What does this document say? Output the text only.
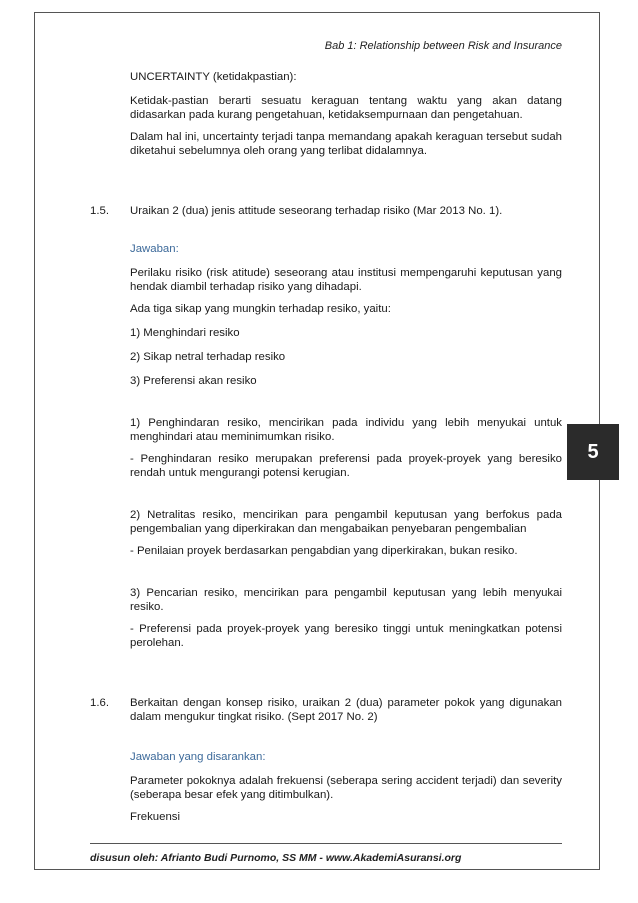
Bab 1: Relationship between Risk and Insurance
5

UNCERTAINTY (ketidakpastian):

Ketidak-pastian berarti sesuatu keraguan tentang waktu yang akan datang didasarkan pada kurang pengetahuan, ketidaksempurnaan dan pengetahuan.

Dalam hal ini, uncertainty terjadi tanpa memandang apakah keraguan tersebut sudah diketahui sebelumnya oleh orang yang terlibat didalamnya.

1.5.	Uraikan 2 (dua) jenis attitude seseorang terhadap risiko (Mar 2013 No. 1).

Jawaban:

Perilaku risiko (risk atitude) seseorang atau institusi mempengaruhi keputusan yang hendak diambil terhadap risiko yang dihadapi.

Ada tiga sikap yang mungkin terhadap resiko, yaitu:

1) Menghindari resiko

2) Sikap netral terhadap resiko

3) Preferensi akan resiko

1) Penghindaran resiko, mencirikan pada individu yang lebih menyukai untuk menghindari atau meminimumkan risiko.

- Penghindaran resiko merupakan preferensi pada proyek-proyek yang beresiko rendah untuk mengurangi potensi kerugian.

2) Netralitas resiko, mencirikan para pengambil keputusan yang berfokus pada pengembalian yang diperkirakan dan mengabaikan penyebaran pengembalian

- Penilaian proyek berdasarkan pengabdian yang diperkirakan, bukan resiko.

3) Pencarian resiko, mencirikan para pengambil keputusan yang lebih menyukai resiko.

- Preferensi pada proyek-proyek yang beresiko tinggi untuk meningkatkan potensi perolehan.

1.6.	Berkaitan dengan konsep risiko, uraikan 2 (dua) parameter pokok yang digunakan dalam mengukur tingkat risiko. (Sept 2017 No. 2)

Jawaban yang disarankan:

Parameter pokoknya adalah frekuensi (seberapa sering accident terjadi) dan severity (seberapa besar efek yang ditimbulkan).

Frekuensi

disusun oleh: Afrianto Budi Purnomo, SS MM - www.AkademiAsuransi.org
